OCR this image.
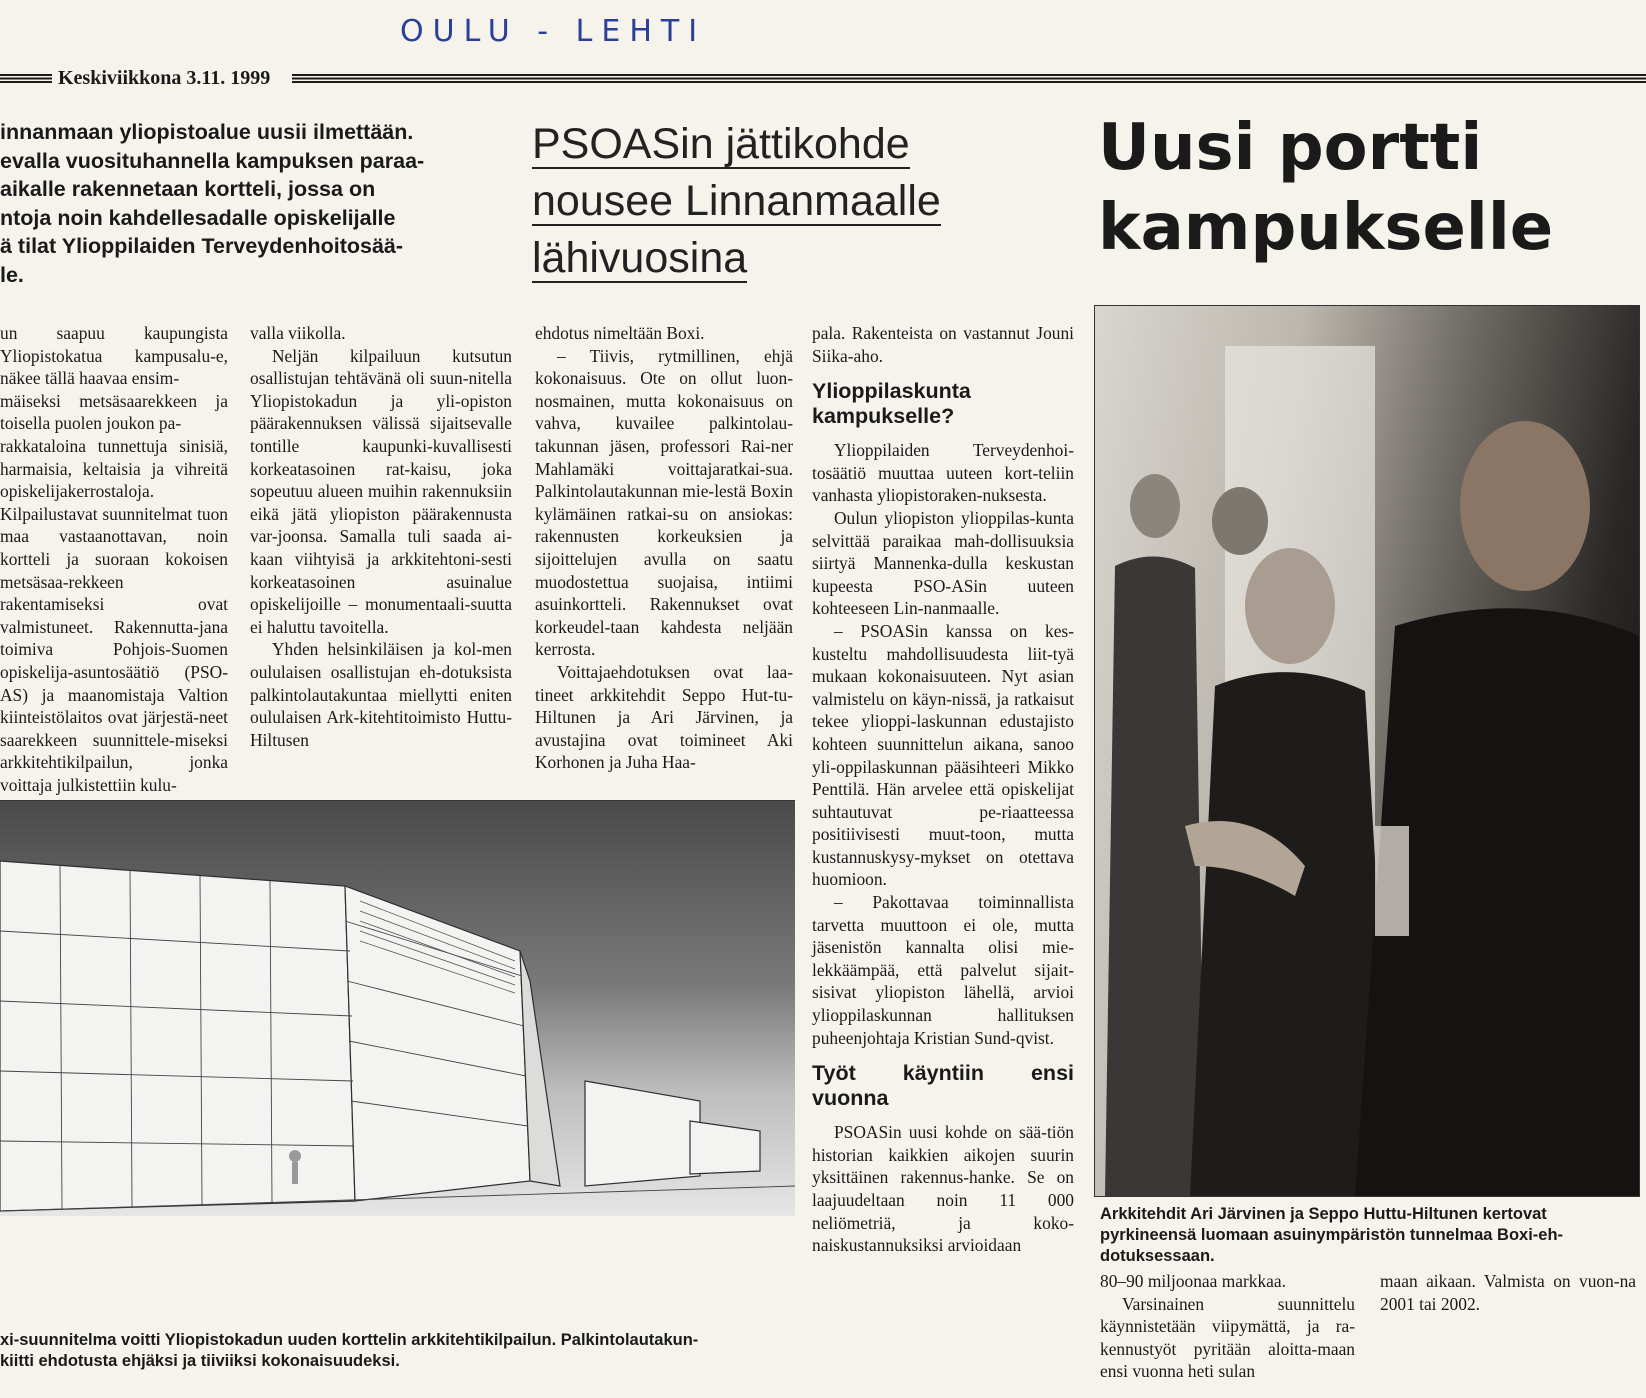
OULU - LEHTI
Keskiviikkona 3.11. 1999
innanmaan yliopistoalue uusii ilmettään.
evalla vuosituhannella kampuksen paraa-
aikalle rakennetaan kortteli, jossa on
ntoja noin kahdellesadalle opiskelijalle
ä tilat Ylioppilaiden Terveydenhoitosää-
le.
PSOASin jättikohde
nousee Linnanmaalle
lähivuosina
Uusi portti
kampukselle

un saapuu kaupungista Yliopistokatua kampusalu-e, näkee tällä haavaa ensim-

mäiseksi metsäsaarekkeen ja toisella puolen joukon pa-

rakkataloina tunnettuja sinisiä, harmaisia, keltaisia ja vihreitä opiskelijakerrostaloja.

Kilpailustavat suunnitelmat tuon maa vastaanottavan, noin kortteli ja suoraan kokoisen metsäsaa-rekkeen rakentamiseksi ovat valmistuneet. Rakennutta-jana toimiva Pohjois-Suomen opiskelija-asuntosäätiö (PSO-AS) ja maanomistaja Valtion kiinteistölaitos ovat järjestä-neet saarekkeen suunnittele-miseksi arkkitehtikilpailun, jonka voittaja julkistettiin kulu-

valla viikolla.

Neljän kilpailuun kutsutun osallistujan tehtävänä oli suun-nitella Yliopistokadun ja yli-opiston päärakennuksen välissä sijaitsevalle tontille kaupunki-kuvallisesti korkeatasoinen rat-kaisu, joka sopeutuu alueen muihin rakennuksiin eikä jätä yliopiston päärakennusta var-joonsa. Samalla tuli saada ai-kaan viihtyisä ja arkkitehtoni-sesti korkeatasoinen asuinalue opiskelijoille – monumentaali-suutta ei haluttu tavoitella.

Yhden helsinkiläisen ja kol-men oululaisen osallistujan eh-dotuksista palkintolautakuntaa miellytti eniten oululaisen Ark-kitehtitoimisto Huttu-Hiltusen

ehdotus nimeltään Boxi.

– Tiivis, rytmillinen, ehjä kokonaisuus. Ote on ollut luon-nosmainen, mutta kokonaisuus on vahva, kuvailee palkintolau-takunnan jäsen, professori Rai-ner Mahlamäki voittajaratkai-sua. Palkintolautakunnan mie-lestä Boxin kylämäinen ratkai-su on ansiokas: rakennusten korkeuksien ja sijoittelujen avulla on saatu muodostettua suojaisa, intiimi asuinkortteli. Rakennukset ovat korkeudel-taan kahdesta neljään kerrosta.

Voittajaehdotuksen ovat laa-tineet arkkitehdit Seppo Hut-tu-Hiltunen ja Ari Järvinen, ja avustajina ovat toimineet Aki Korhonen ja Juha Haa-

pala. Rakenteista on vastannut Jouni Siika-aho.

Ylioppilaskunta kampukselle?

Ylioppilaiden Terveydenhoi-tosäätiö muuttaa uuteen kort-teliin vanhasta yliopistoraken-nuksesta.

Oulun yliopiston ylioppilas-kunta selvittää paraikaa mah-dollisuuksia siirtyä Mannenka-dulla keskustan kupeesta PSO-ASin uuteen kohteeseen Lin-nanmaalle.

– PSOASin kanssa on kes-kusteltu mahdollisuudesta liit-tyä mukaan kokonaisuuteen. Nyt asian valmistelu on käyn-nissä, ja ratkaisut tekee ylioppi-laskunnan edustajisto kohteen suunnittelun aikana, sanoo yli-oppilaskunnan pääsihteeri Mikko Penttilä. Hän arvelee että opiskelijat suhtautuvat pe-riaatteessa positiivisesti muut-toon, mutta kustannuskysy-mykset on otettava huomioon.

– Pakottavaa toiminnallista tarvetta muuttoon ei ole, mutta jäsenistön kannalta olisi mie-lekkäämpää, että palvelut sijait-sisivat yliopiston lähellä, arvioi ylioppilaskunnan hallituksen puheenjohtaja Kristian Sund-qvist.

Työt käyntiin ensi vuonna

PSOASin uusi kohde on sää-tiön historian kaikkien aikojen suurin yksittäinen rakennus-hanke. Se on laajuudeltaan noin 11 000 neliömetriä, ja koko-naiskustannuksiksi arvioidaan

Arkkitehdit Ari Järvinen ja Seppo Huttu-Hiltunen kertovat pyrkineensä luomaan asuinympäristön tunnelmaa Boxi-eh-dotuksessaan.
xi-suunnitelma voitti Yliopistokadun uuden korttelin arkkitehtikilpailun. Palkintolautakun-
kiitti ehdotusta ehjäksi ja tiiviiksi kokonaisuudeksi.

80–90 miljoonaa markkaa.

Varsinainen suunnittelu käynnistetään viipymättä, ja ra-kennustyöt pyritään aloitta-maan ensi vuonna heti sulan

maan aikaan. Valmista on vuon-na 2001 tai 2002.
